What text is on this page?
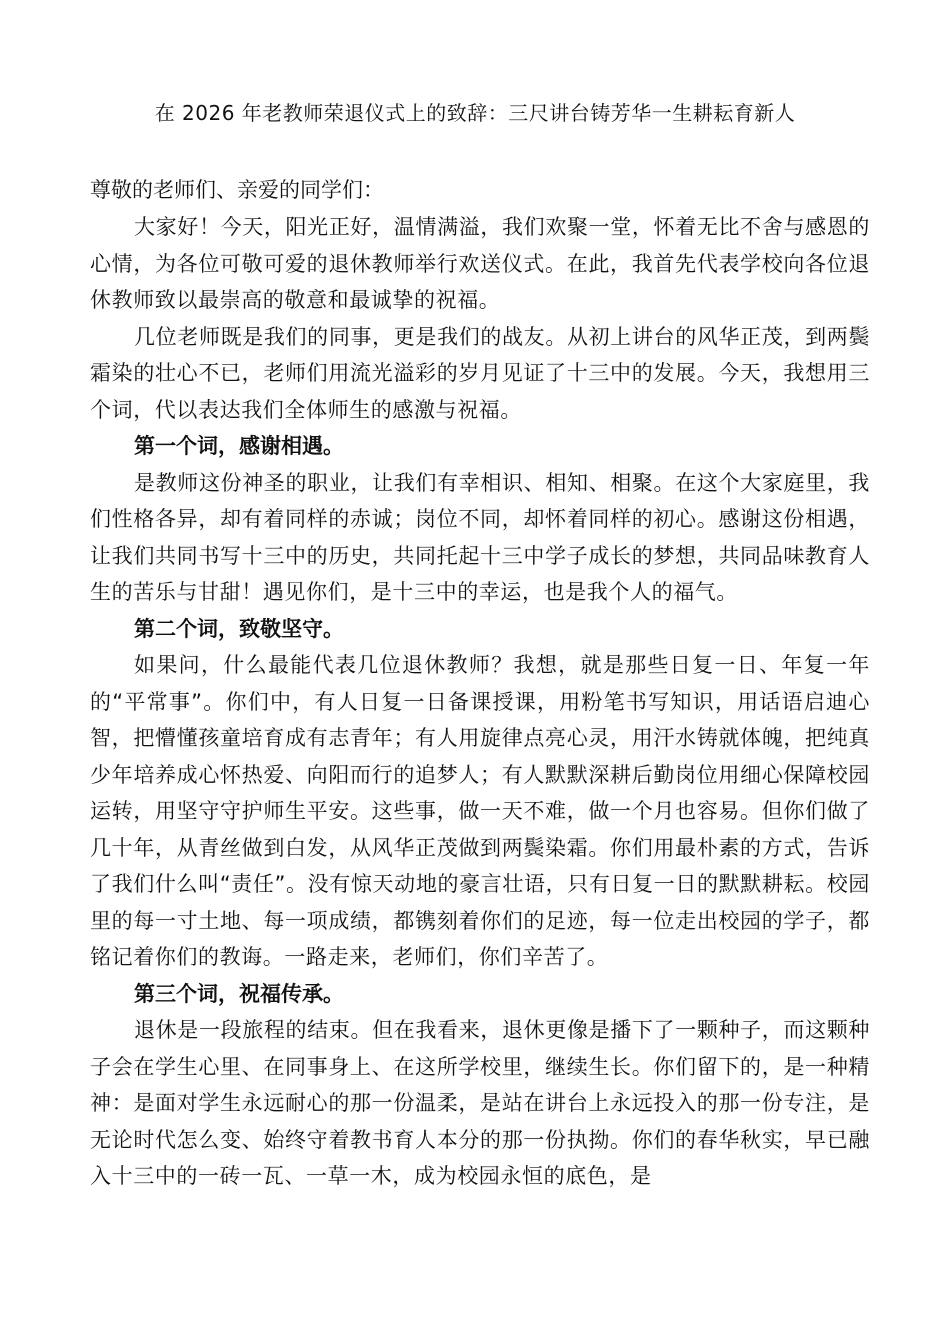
在 2026 年老教师荣退仪式上的致辞：三尺讲台铸芳华一生耕耘育新人
尊敬的老师们、亲爱的同学们：

大家好！今天，阳光正好，温情满溢，我们欢聚一堂，怀着无比不舍与感恩的心情，为各位可敬可爱的退休教师举行欢送仪式。在此，我首先代表学校向各位退休教师致以最崇高的敬意和最诚挚的祝福。

几位老师既是我们的同事，更是我们的战友。从初上讲台的风华正茂，到两鬓霜染的壮心不已，老师们用流光溢彩的岁月见证了十三中的发展。今天，我想用三个词，代以表达我们全体师生的感激与祝福。

第一个词，感谢相遇。

是教师这份神圣的职业，让我们有幸相识、相知、相聚。在这个大家庭里，我们性格各异，却有着同样的赤诚；岗位不同，却怀着同样的初心。感谢这份相遇，让我们共同书写十三中的历史，共同托起十三中学子成长的梦想，共同品味教育人生的苦乐与甘甜！遇见你们，是十三中的幸运，也是我个人的福气。

第二个词，致敬坚守。

如果问，什么最能代表几位退休教师？我想，就是那些日复一日、年复一年的“平常事”。你们中，有人日复一日备课授课，用粉笔书写知识，用话语启迪心智，把懵懂孩童培育成有志青年；有人用旋律点亮心灵，用汗水铸就体魄，把纯真少年培养成心怀热爱、向阳而行的追梦人；有人默默深耕后勤岗位用细心保障校园运转，用坚守守护师生平安。这些事，做一天不难，做一个月也容易。但你们做了几十年，从青丝做到白发，从风华正茂做到两鬓染霜。你们用最朴素的方式，告诉了我们什么叫“责任”。没有惊天动地的豪言壮语，只有日复一日的默默耕耘。校园里的每一寸土地、每一项成绩，都镌刻着你们的足迹，每一位走出校园的学子，都铭记着你们的教诲。一路走来，老师们，你们辛苦了。

第三个词，祝福传承。

退休是一段旅程的结束。但在我看来，退休更像是播下了一颗种子，而这颗种子会在学生心里、在同事身上、在这所学校里，继续生长。你们留下的，是一种精神：是面对学生永远耐心的那一份温柔，是站在讲台上永远投入的那一份专注，是无论时代怎么变、始终守着教书育人本分的那一份执拗。你们的春华秋实，早已融入十三中的一砖一瓦、一草一木，成为校园永恒的底色，是
